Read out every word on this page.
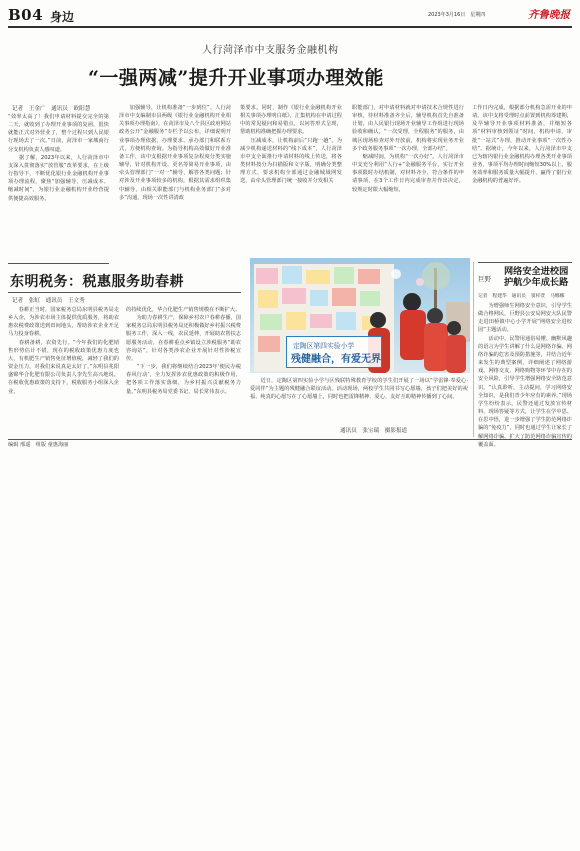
B04 身边	2023年3月16日　星期四	齐鲁晚报
人行菏泽市中支服务金融机构
“一强两减”提升开业事项办理效能
记者　王金广　通讯员　欧阳慧
“效率太高了！我们申请材料提交完全的第二天，就收到了办理开业事项的复函，很快就能正式对外营业了，整个过程只到人民银行现场去了一次。”日前，菏泽市一家城商行分支机构负责人感叹道。
　　据了解，2023年以来，人行菏泽市中支深入贯彻落实“放管服”改革要求，在上级行指导下，不断优化银行业金融机构开业事项办理流程，聚焦“加强辅导、压减成本、缩减时间”，为银行业金融机构开业经营提供便捷高效服务。
　　加强辅导，让机构准备“一步到位”。人行菏泽市中支编制市县两级《银行业金融机构开业相关事项办理指南》，在菏泽市及八个县区政府网站政务公开“金融服务”专栏予以公布，详细说明开业事项办理依据、办理要求、承办部门和联系方式，方便机构查询。为指导机构高效做好开业准备工作，该中支根据开业事项复杂程度分类实施辅导，针对机构开设、更名等简易开业事项，由牵头管理部门“一对一”辅导，解答各类问题；针对涉及开业事项较多的机构，根据其需求组织集中辅导，由相关职能部门与机构业务部门“多对多”沟通，现场一次性讲清政
策要求。同时，制作《银行业金融机构开业相关事项办理明白纸》，汇集机构在申请过程中的常见疑问和易错点，以问答形式呈现，帮助机构准确把握办理要求。
　　压减成本，让机构前后“只跑一趟”。为减少机构递送材料的“线下成本”，人行菏泽市中支全面推行申请材料的线上传送，将各类材料按分为扫描版和文字版，明确分类整理方式，要求机构全部通过金融城域网发送，由牵头管理部门统一接收并分发相关
职能部门，对申请材料就对申请技术合规性进行审核，待材料准备齐全后，辅导机构首先自准备计划，由人民银行现场开业辅导工作组进行现场验收和确认，“一次受理，全程服务”的服务，由城区现场检查对外开放前，机构将实现业务开业多个政务服务事项“一次办理，全部办结”。
　　缩减时间，为机构“一次办好”。人行菏泽市中支充分利用“人行+”金融服务平台，实行开业事项限时办结机制，对材料齐全、符合条件的申请事项，在3个工作日内完成审查并作出决定，较规定时限大幅缩短，
工作日内完成，根据部分机构急需开业的申请，该中支将受理时点前置到机构筹建期，及早辅导开业事项材料准备，并缩短各项“材料审核到领证”时间，机构申请、审批“一站式”办理，推动开业事项“一次性办结”。据统计，今年以来，人行菏泽市中支已为辖内银行业金融机构办理各类开业事项业务，事项平均办理时间缩短30%以上，服务效率和服务质量大幅提升，赢得了银行业金融机构的普遍好评。
东明税务：税惠服务助春耕
记者　张虹　通讯员　王文秀
　　春耕正当时，国家税务总局东明县税务局走乡入企，为涉农市场主体提供优质服务，将助农惠农税费政策送到田间地头，帮助涉农企业开足马力投身春耕。
　　春耕备耕，农资先行。“今年我们的化肥销售形势估计不错，现在的税收政策优惠力度也大，有机肥生产销售免征增值税，减轻了我们的资金压力，对我们来说真是太好了。”东明县兆阳盛锦华合化肥有限公司负责人李先生高兴地说。在税收优惠政策的支持下，税收服务小组深入企业，
的持续优化，华合化肥生产销售规模在不断扩大。
　　为助力春耕生产，保障乡村农户春耕春播，国家税务总局东明县税务局还积极做好乡村振兴税费服务工作，深入一线，农民延伸，开展助农帮扶志愿服务活动，在春耕重点乡镇设立涉税服务“助农咨询站”，针对各类涉农企业开展针对性涉税宣传。
　　“下一步，我们将继续结合2023年‘便民办税春风行动’，全力发挥涉农优惠政策的积极作用，把各项工作落实落细，为乡村振兴贡献税务力量。”东明县税务局党委书记、局长常伟表示。
定陶区第四实验小学
残健融合，有爱无界
　　近日，定陶区第四实验小学与区残联特殊教育学校的学生们开展了一场以“学雷锋·奉爱心·爱同伴”为主题的残健融合联谊活动。活动现场，两校学生共同书写心愿墙，孩子们把美好的祝福、纯真的心愿写在了心愿墙上，同时也把雷锋精神、爱心、友好互助精神传播到了心间。
通讯员　张宝瑞　摄影报道
巨野
网络安全进校园
护航少年成长路
记者　程建华　通讯员　窦梓萱　马娜娜
　　为增强师生网络安全意识，引导学生做合格网民，巨野县公安局网安大队民警走进田桥镇中心小学开展“网络安全进校园”主题活动。
　　活动中，民警用通俗易懂、幽默风趣的语言为学生讲解了什么是网络诈骗、网络诈骗的危害及预防措施等，并结合近年来发生的典型案例，详细阐述了网络游戏、网络交友、网络购物等环节中存在的安全风险，引导学生增强网络安全防范意识。“认真聆听，主动提问，学习网络安全知识，是我们青少年应有的素养。”现场学生纷纷表示。民警还通过发放宣传材料、现场答疑等方式，让学生在学中思、在思中悟，进一步增强了学生防范网络诈骗的“免疫力”，同时也通过学生让家长了解网络诈骗，扩大了防范网络诈骗宣传的覆盖面。
编辑 邢遥　组版 童惠海丽
